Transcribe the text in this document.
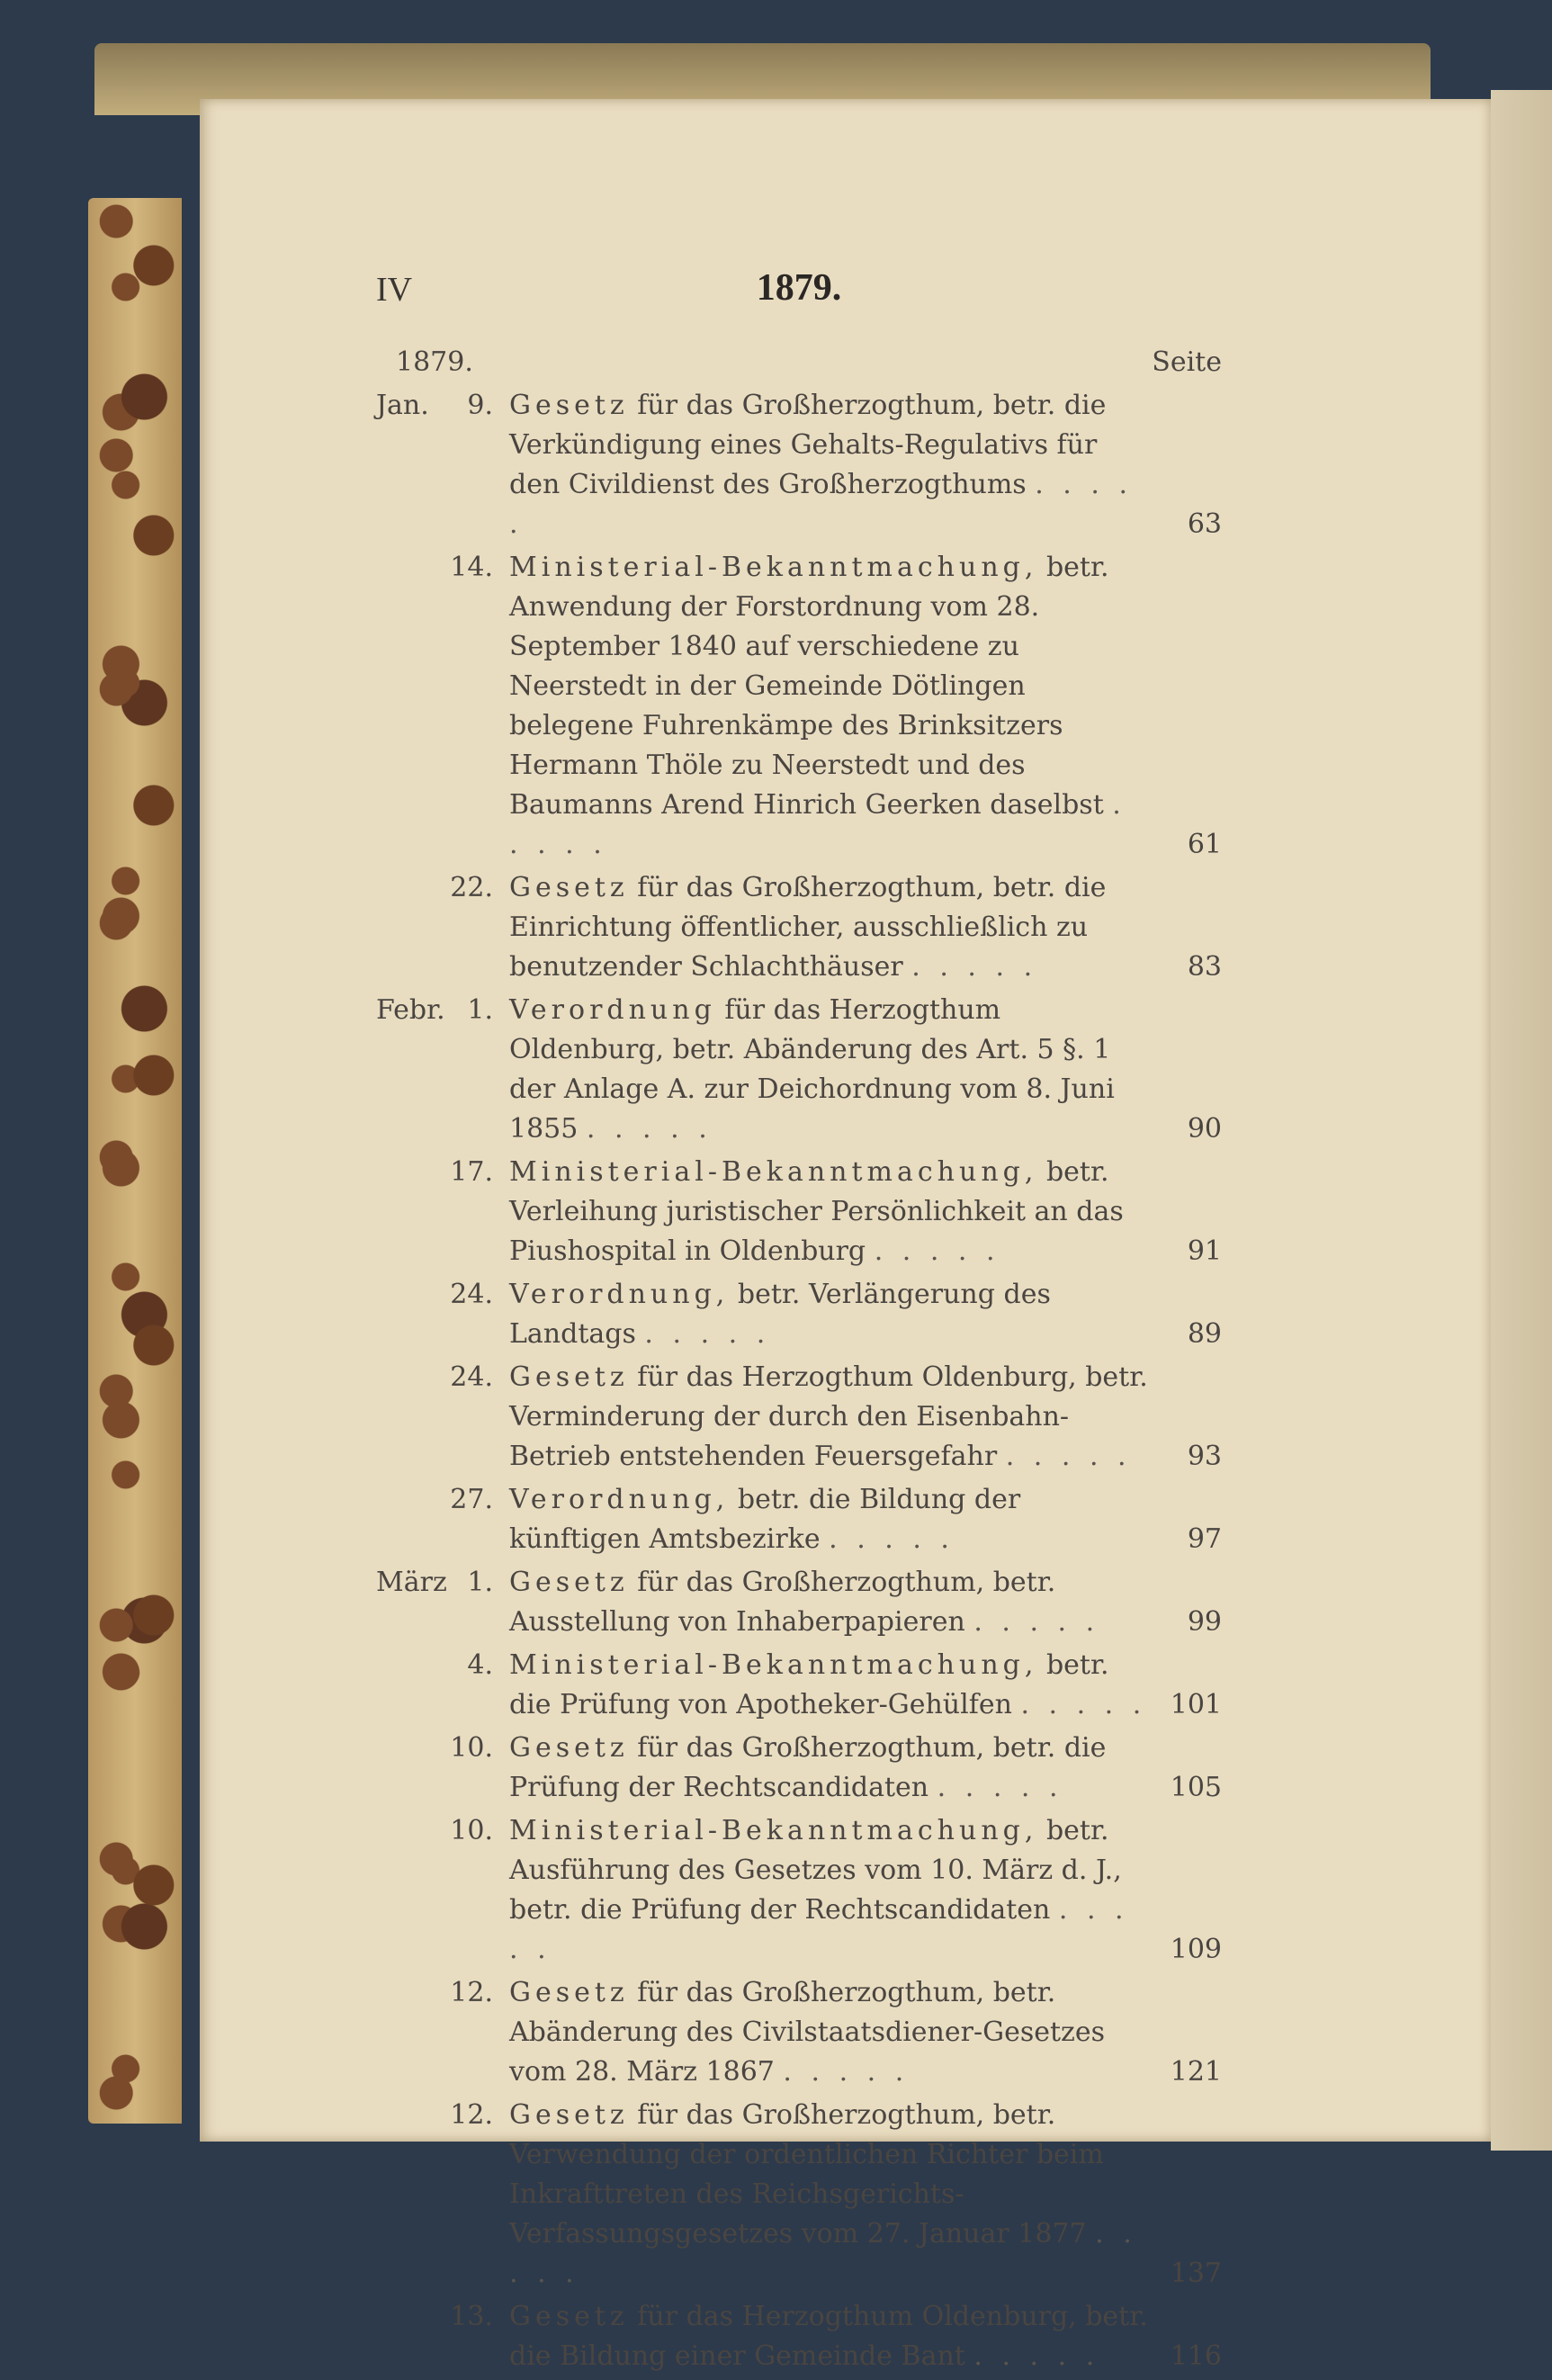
IV	1879.
1879.	Seite
Jan.	9. Gesetz für das Großherzogthum, betr. die Verkündigung eines Gehalts-Regulativs für den Civildienst des Großherzogthums . . . . .	63
14. Ministerial-Bekanntmachung, betr. Anwendung der Forstordnung vom 28. September 1840 auf verschiedene zu Neerstedt in der Gemeinde Dötlingen belegene Fuhrenkämpe des Brinksitzers Hermann Thöle zu Neerstedt und des Baumanns Arend Hinrich Geerken daselbst . . . . .	61
22. Gesetz für das Großherzogthum, betr. die Einrichtung öffentlicher, ausschließlich zu benutzender Schlachthäuser . . . . .	83
Febr. 1. Verordnung für das Herzogthum Oldenburg, betr. Abänderung des Art. 5 §. 1 der Anlage A. zur Deichordnung vom 8. Juni 1855 . . . . .	90
17. Ministerial-Bekanntmachung, betr. Verleihung juristischer Persönlichkeit an das Piushospital in Oldenburg . . . . .	91
24. Verordnung, betr. Verlängerung des Landtags . . . . .	89
24. Gesetz für das Herzogthum Oldenburg, betr. Verminderung der durch den Eisenbahn-Betrieb entstehenden Feuersgefahr . . . . .	93
27. Verordnung, betr. die Bildung der künftigen Amtsbezirke . . . . .	97
März 1. Gesetz für das Großherzogthum, betr. Ausstellung von Inhaberpapieren . . . . .	99
4. Ministerial-Bekanntmachung, betr. die Prüfung von Apotheker-Gehülfen . . . . . 101
10. Gesetz für das Großherzogthum, betr. die Prüfung der Rechtscandidaten . . . . .	105
10. Ministerial-Bekanntmachung, betr. Ausführung des Gesetzes vom 10. März d. J., betr. die Prüfung der Rechtscandidaten . . . . .	109
12. Gesetz für das Großherzogthum, betr. Abänderung des Civilstaatsdiener-Gesetzes vom 28. März 1867 . . . . .	121
12. Gesetz für das Großherzogthum, betr. Verwendung der ordentlichen Richter beim Inkrafttreten des Reichsgerichts-Verfassungsgesetzes vom 27. Januar 1877 . . . . .	137
13. Gesetz für das Herzogthum Oldenburg, betr. die Bildung einer Gemeinde Bant . . . . .	116
